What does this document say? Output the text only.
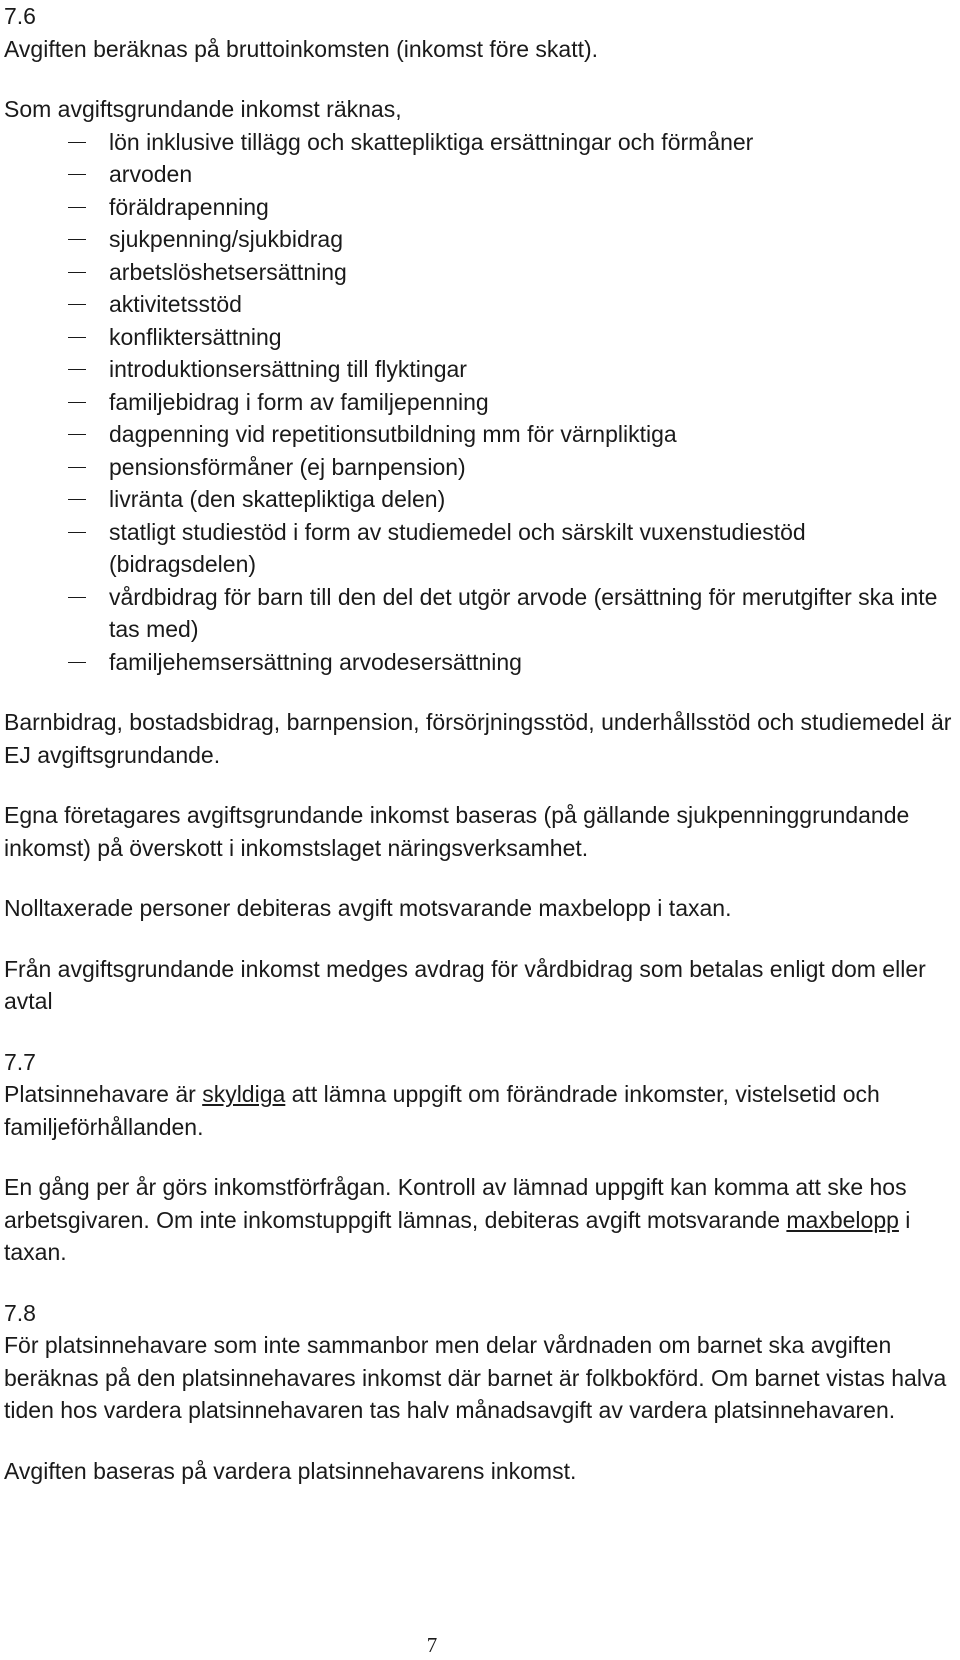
7.6

Avgiften beräknas på bruttoinkomsten (inkomst före skatt).

Som avgiftsgrundande inkomst räknas,

lön inklusive tillägg och skattepliktiga ersättningar och förmåner
arvoden
föräldrapenning
sjukpenning/sjukbidrag
arbetslöshetsersättning
aktivitetsstöd
konfliktersättning
introduktionsersättning till flyktingar
familjebidrag i form av familjepenning
dagpenning vid repetitionsutbildning mm för värnpliktiga
pensionsförmåner (ej barnpension)
livränta (den skattepliktiga delen)
statligt studiestöd i form av studiemedel och särskilt vuxenstudiestöd (bidragsdelen)
vårdbidrag för barn till den del det utgör arvode (ersättning för merutgifter ska inte tas med)
familjehemsersättning arvodesersättning

Barnbidrag, bostadsbidrag, barnpension, försörjningsstöd, underhållsstöd och studiemedel är EJ avgiftsgrundande.

Egna företagares avgiftsgrundande inkomst baseras (på gällande sjukpenninggrundande inkomst) på överskott i inkomstslaget näringsverksamhet.

Nolltaxerade personer debiteras avgift motsvarande maxbelopp i taxan.

Från avgiftsgrundande inkomst medges avdrag för vårdbidrag som betalas enligt dom eller avtal

7.7

Platsinnehavare är skyldiga att lämna uppgift om förändrade inkomster, vistelsetid och familjeförhållanden.

En gång per år görs inkomstförfrågan. Kontroll av lämnad uppgift kan komma att ske hos arbetsgivaren. Om inte inkomstuppgift lämnas, debiteras avgift motsvarande maxbelopp i taxan.

7.8

För platsinnehavare som inte sammanbor men delar vårdnaden om barnet ska avgiften beräknas på den platsinnehavares inkomst där barnet är folkbokförd. Om barnet vistas halva tiden hos vardera platsinnehavaren tas halv månadsavgift av vardera platsinnehavaren.

Avgiften baseras på vardera platsinnehavarens inkomst.

7
